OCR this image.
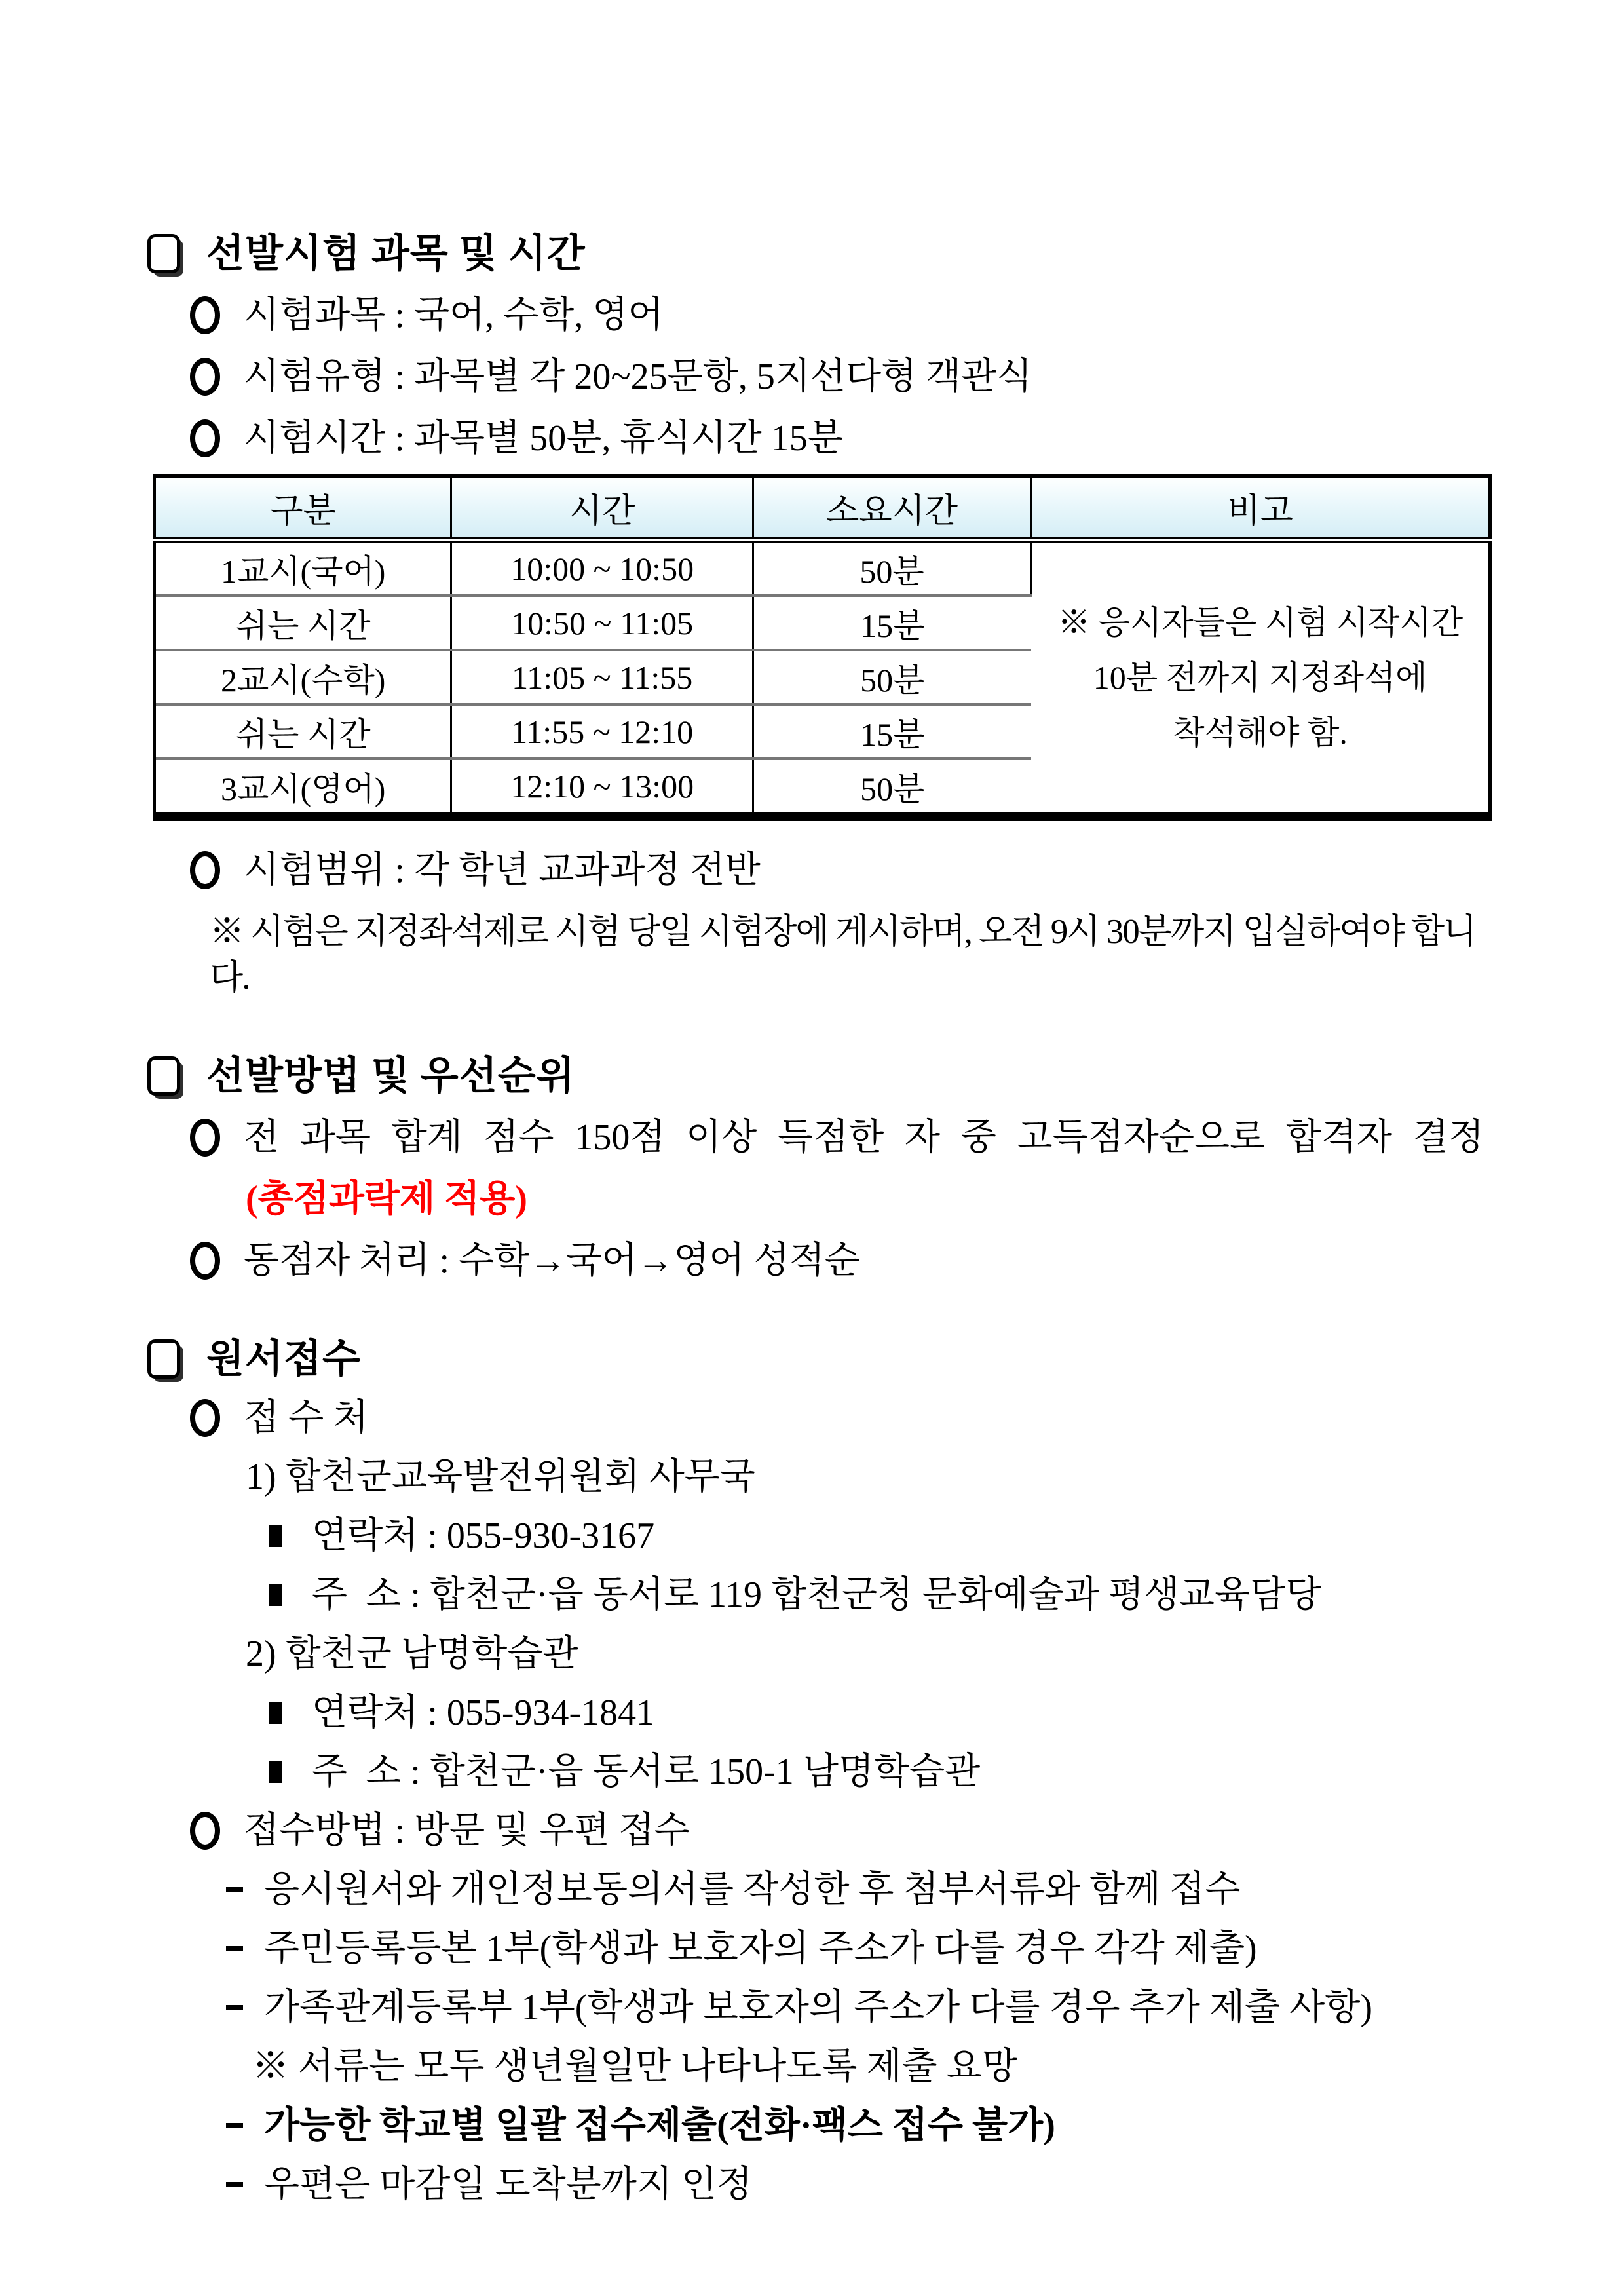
선발시험 과목 및 시간
시험과목 : 국어, 수학, 영어
시험유형 : 과목별 각 20~25문항, 5지선다형 객관식
시험시간 : 과목별 50분, 휴식시간 15분
구분	시간	소요시간	비고
1교시(국어)	10:00 ~ 10:50	50분	※ 응시자들은 시험 시작시간
10분 전까지 지정좌석에
착석해야 함.

쉬는 시간	10:50 ~ 11:05	15분	
2교시(수학)	11:05 ~ 11:55	50분	
쉬는 시간	11:55 ~ 12:10	15분	
3교시(영어)	12:10 ~ 13:00	50분	
시험범위 : 각 학년 교과과정 전반
※ 시험은 지정좌석제로 시험 당일 시험장에 게시하며, 오전 9시 30분까지 입실하여야 합니다.
선발방법 및 우선순위
전 과목 합계 점수 150점 이상 득점한 자 중 고득점자순으로 합격자 결정
(총점과락제 적용)
동점자 처리 : 수학→국어→영어 성적순
원서접수
접 수 처
1) 합천군교육발전위원회 사무국
연락처 : 055-930-3167
주  소 : 합천군·읍 동서로 119 합천군청 문화예술과 평생교육담당
2) 합천군 남명학습관
연락처 : 055-934-1841
주  소 : 합천군·읍 동서로 150-1 남명학습관
접수방법 : 방문 및 우편 접수
응시원서와 개인정보동의서를 작성한 후 첨부서류와 함께 접수
주민등록등본 1부(학생과 보호자의 주소가 다를 경우 각각 제출)
가족관계등록부 1부(학생과 보호자의 주소가 다를 경우 추가 제출 사항)
※ 서류는 모두 생년월일만 나타나도록 제출 요망
가능한 학교별 일괄 접수제출(전화·팩스 접수 불가)
우편은 마감일 도착분까지 인정
